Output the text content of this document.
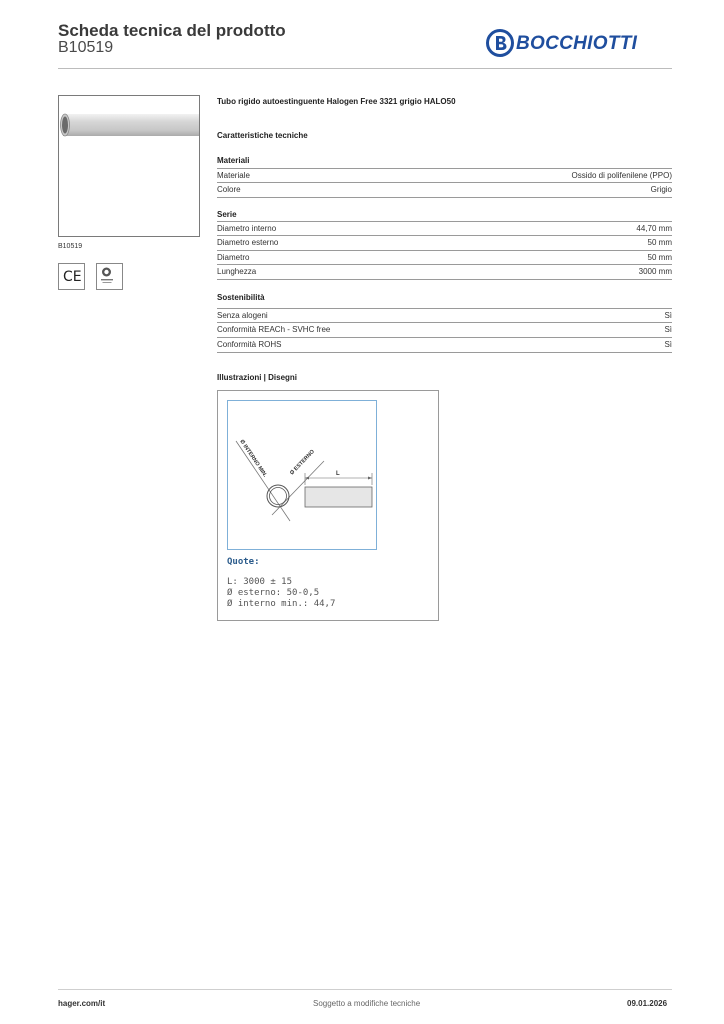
Scheda tecnica del prodotto
B10519	BOCCHIOTTI
B10519
CE
Tubo rigido autoestinguente Halogen Free 3321 grigio HALO50
Caratteristiche tecniche
Materiali
Materiale	Ossido di polifenilene (PPO)
Colore	Grigio
Serie
Diametro interno	44,70 mm
Diametro esterno	50 mm
Diametro	50 mm
Lunghezza	3000 mm
Sostenibilità
Senza alogeni	Sì
Conformità REACh - SVHC free	Sì
Conformità ROHS	Sì
Illustrazioni | Disegni
Ø INTERNO MIN.	Ø ESTERNO	L
Quote:
L: 3000 ± 15
Ø esterno: 50-0,5
Ø interno min.: 44,7
hager.com/it	Soggetto a modifiche tecniche	09.01.2026
